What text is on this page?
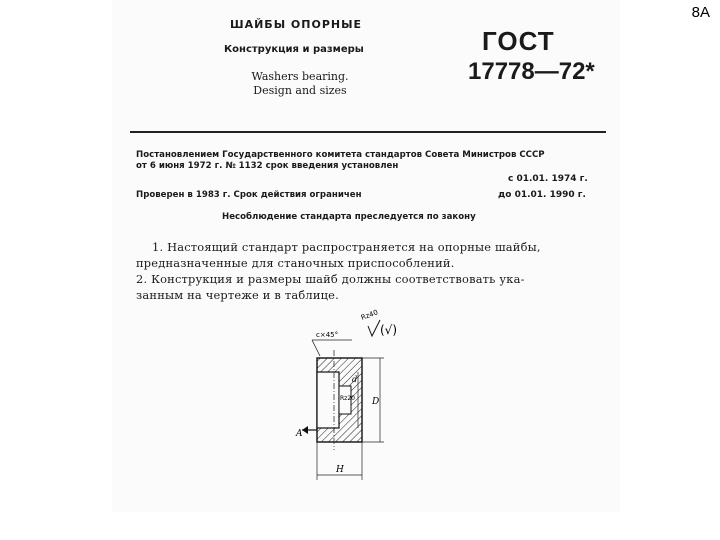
8А
ШАЙБЫ ОПОРНЫЕ
Конструкция и размеры
Washers bearing.
Design and sizes
ГОСТ
17778—72*
Постановлением Государственного комитета стандартов Совета Министров СССР
от 6 июня 1972 г. № 1132 срок введения установлен
с 01.01. 1974 г.
Проверен в 1983 г. Срок действия ограничен	до 01.01. 1990 г.
Несоблюдение стандарта преследуется по закону
1. Настоящий стандарт распространяется на опорные шайбы,
предназначенные для станочных приспособлений.
2. Конструкция и размеры шайб должны соответствовать ука-
занным на чертеже и в таблице.
c×45°
Rz40
(√)
Rz20 D
d
H
A
